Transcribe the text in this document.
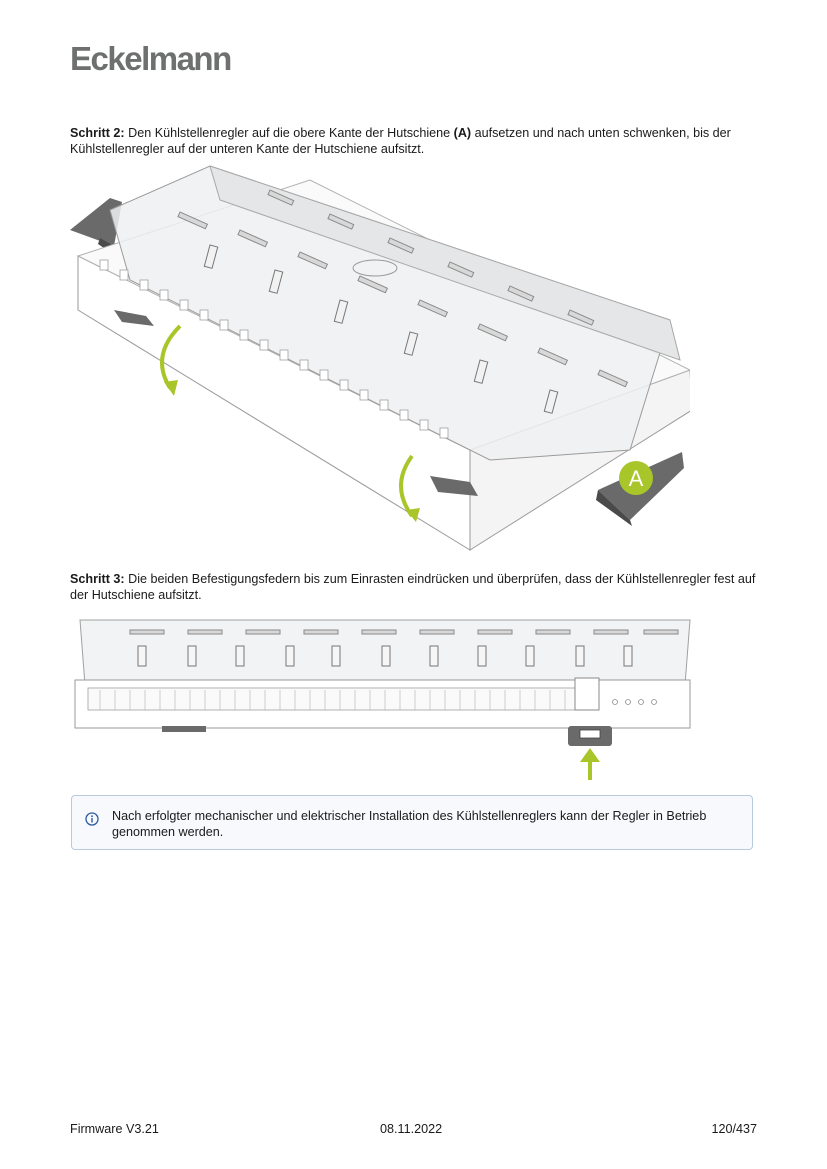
Eckelmann
Schritt 2: Den Kühlstellenregler auf die obere Kante der Hutschiene (A) aufsetzen und nach unten schwenken, bis der Kühlstellenregler auf der unteren Kante der Hutschiene aufsitzt.
A
Schritt 3: Die beiden Befestigungsfedern bis zum Einrasten eindrücken und überprüfen, dass der Kühlstellenregler fest auf der Hutschiene aufsitzt.
Nach erfolgter mechanischer und elektrischer Installation des Kühlstellenreglers kann der Regler in Betrieb genommen werden.
Firmware V3.21	08.11.2022	120/437
